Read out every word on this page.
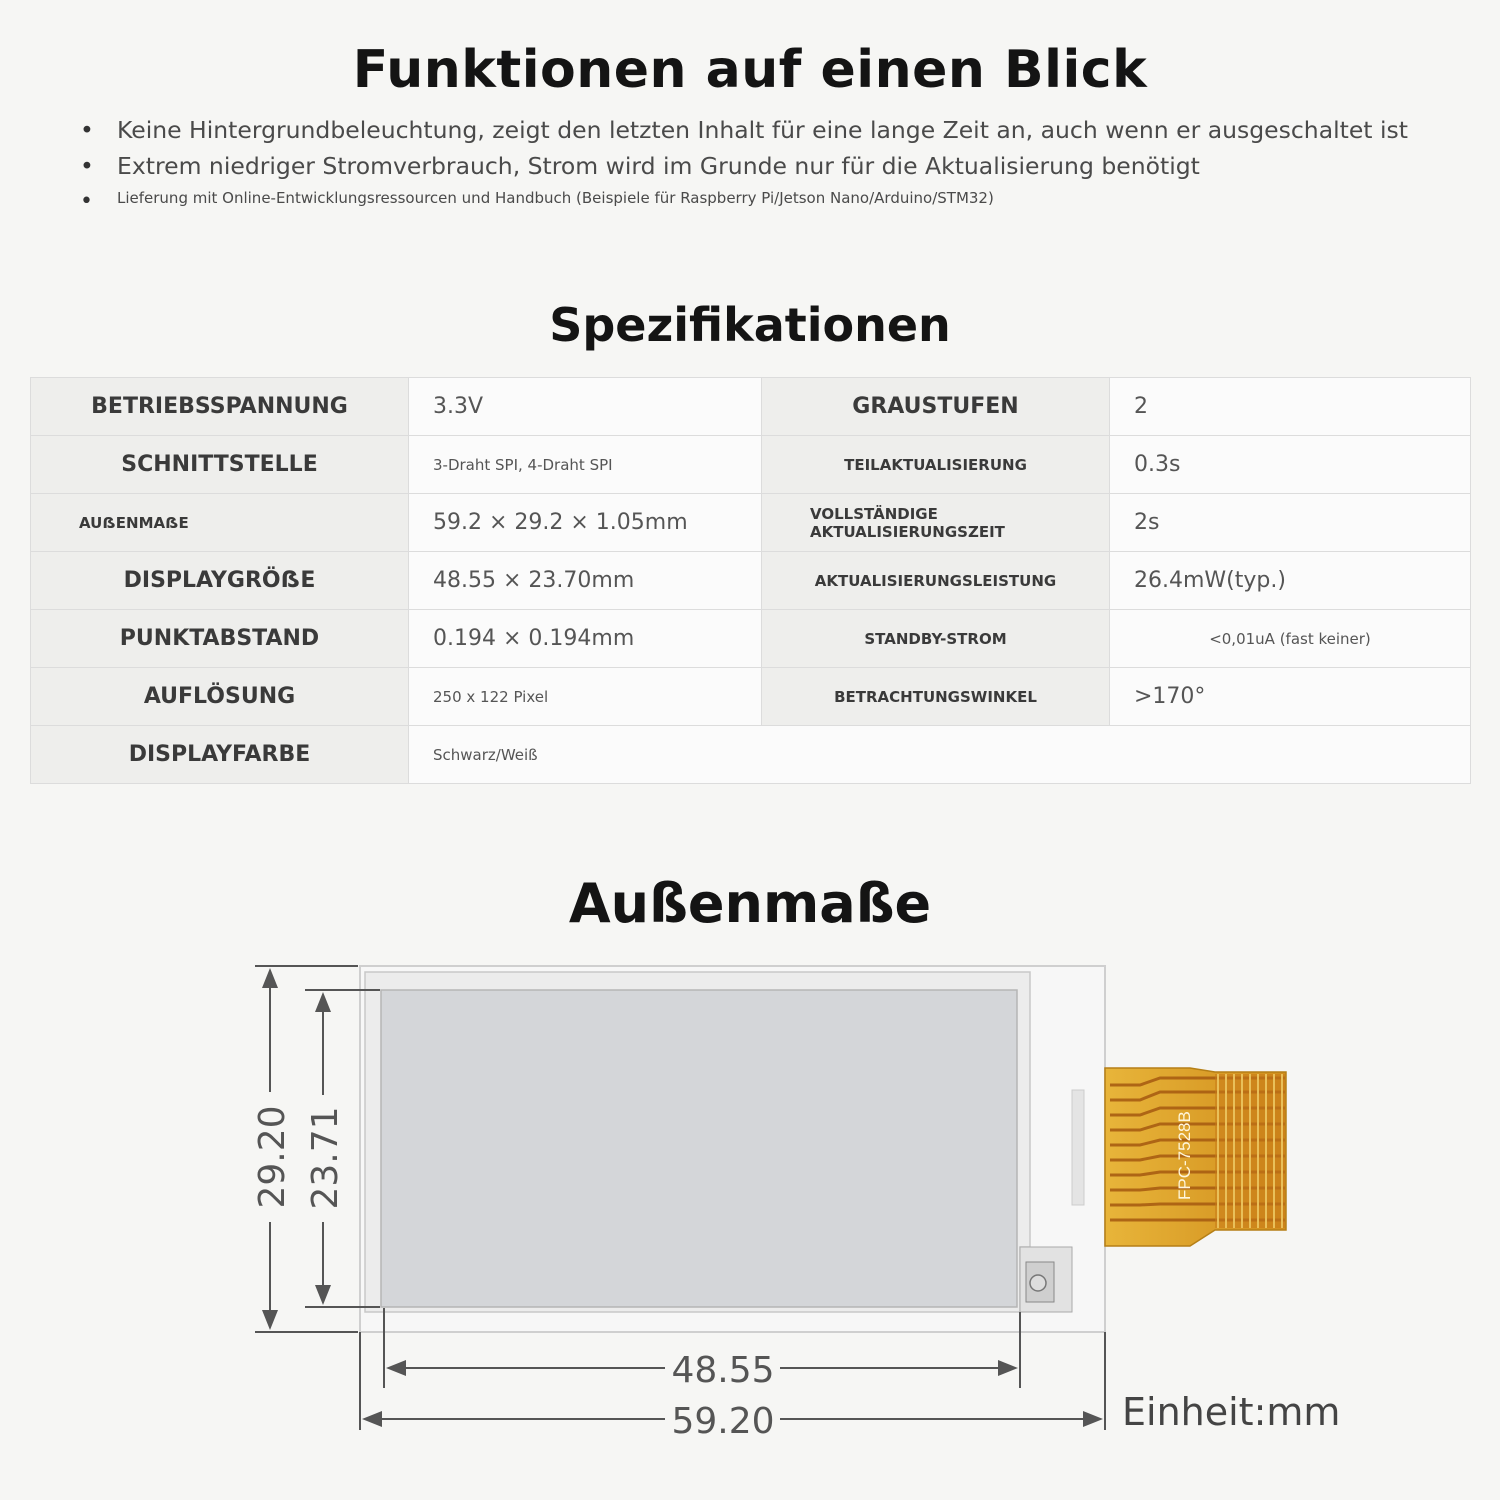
Funktionen auf einen Blick
• Keine Hintergrundbeleuchtung, zeigt den letzten Inhalt für eine lange Zeit an, auch wenn er ausgeschaltet ist
• Extrem niedriger Stromverbrauch, Strom wird im Grunde nur für die Aktualisierung benötigt
• Lieferung mit Online-Entwicklungsressourcen und Handbuch (Beispiele für Raspberry Pi/Jetson Nano/Arduino/STM32)
Spezifikationen
BETRIEBSSPANNUNG	3.3V	GRAUSTUFEN	2
SCHNITTSTELLE	3-Draht SPI, 4-Draht SPI	TEILAKTUALISIERUNG	0.3s
AUẞENMAẞE	59.2 × 29.2 × 1.05mm	VOLLSTÄNDIGE AKTUALISIERUNGSZEIT	2s
DISPLAYGRÖẞE	48.55 × 23.70mm	AKTUALISIERUNGSLEISTUNG	26.4mW(typ.)
PUNKTABSTAND	0.194 × 0.194mm	STANDBY-STROM	<0,01uA (fast keiner)
AUFLÖSUNG	250 x 122 Pixel	BETRACHTUNGSWINKEL	>170°
DISPLAYFARBE	Schwarz/Weiß		
Außenmaße
FPC-7528B
29.20 23.71
48.55
59.20	Einheit:mm
